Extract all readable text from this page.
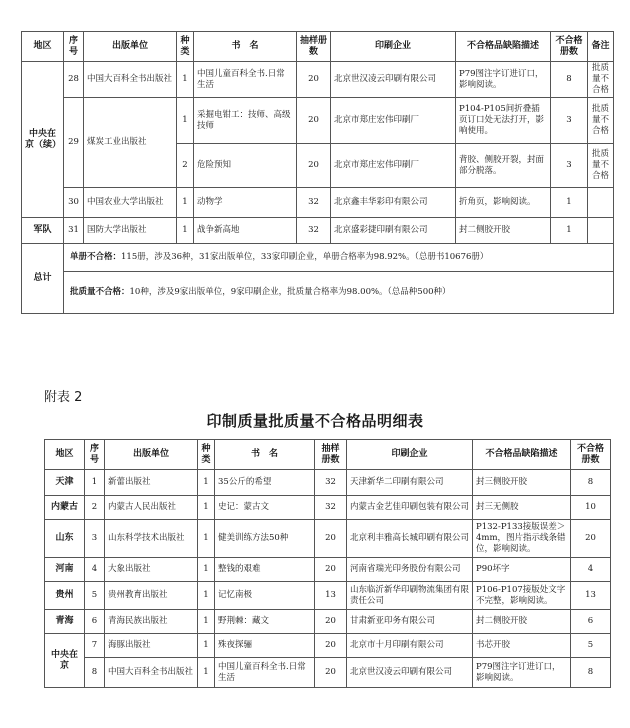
地区	序号	出版单位	种类	书　名	抽样册数	印刷企业	不合格品缺陷描述	不合格册数	备注
中央在京（续）	28	中国大百科全书出版社	1	中国儿童百科全书.日常生活	20	北京世汉凌云印刷有限公司	P79图注字订进订口，影响阅读。	8	批质量不合格
	29	煤炭工业出版社	1	采掘电钳工：技师、高级技师	20	北京市郑庄宏伟印刷厂	P104-P105间折叠插页订口处无法打开，影响使用。	3	批质量不合格
			2	危险预知	20	北京市郑庄宏伟印刷厂	背胶、侧胶开裂，封面部分脱落。	3	批质量不合格
	30	中国农业大学出版社	1	动物学	32	北京鑫丰华彩印有限公司	折角页，影响阅读。	1	
军队	31	国防大学出版社	1	战争新高地	32	北京盛彩捷印刷有限公司	封二侧胶开胶	1	
总计	单册不合格：115册，涉及36种，31家出版单位，33家印刷企业，单册合格率为98.92%。（总册书10676册）								
	批质量不合格：10种，涉及9家出版单位，9家印刷企业，批质量合格率为98.00%。（总品种500种）								
附表 2
印制质量批质量不合格品明细表
地区	序号	出版单位	种类	书　名	抽样册数	印刷企业	不合格品缺陷描述	不合格册数
天津	1	新蕾出版社	1	35公斤的希望	32	天津新华二印刷有限公司	封三侧胶开胶	8
内蒙古	2	内蒙古人民出版社	1	史记：蒙古文	32	内蒙古金艺佳印刷包装有限公司	封三无侧胶	10
山东	3	山东科学技术出版社	1	健美训练方法50种	20	北京利丰雅高长城印刷有限公司	P132-P133接版误差＞4mm，图片指示线条错位，影响阅读。	20
河南	4	大象出版社	1	整钱的艰难	20	河南省瑞光印务股份有限公司	P90坏字	4
贵州	5	贵州教育出版社	1	记忆南极	13	山东临沂新华印刷物流集团有限责任公司	P106-P107接版处文字不完整，影响阅读。	13
青海	6	青海民族出版社	1	野荆棘：藏文	20	甘肃新亚印务有限公司	封二侧胶开胶	6
中央在京	7	海豚出版社	1	殊夜探骊	20	北京市十月印刷有限公司	书芯开胶	5
	8	中国大百科全书出版社	1	中国儿童百科全书.日常生活	20	北京世汉凌云印刷有限公司	P79图注字订进订口，影响阅读。	8
